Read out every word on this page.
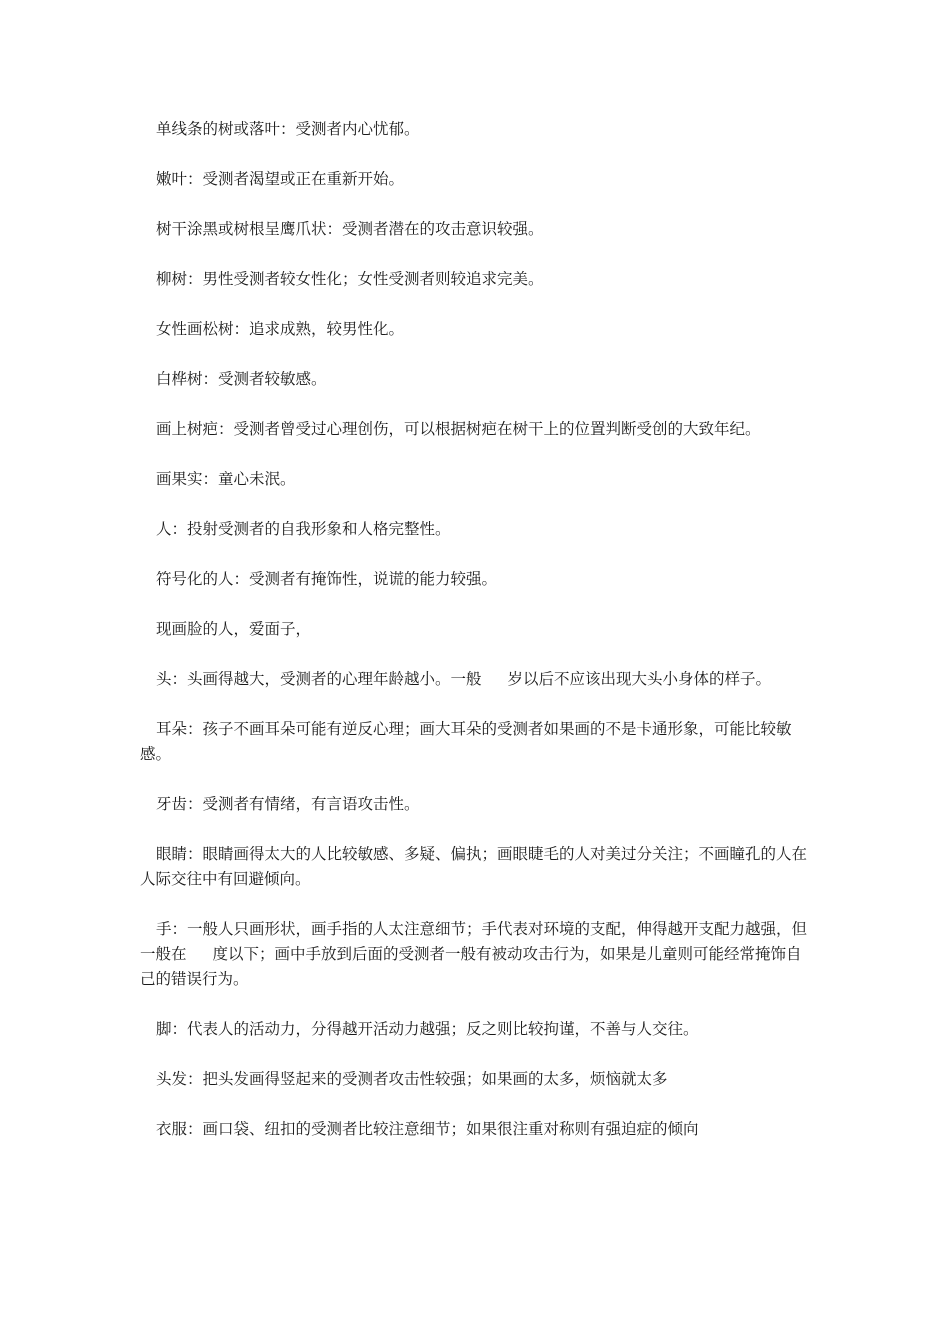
单线条的树或落叶：受测者内心忧郁。

嫩叶：受测者渴望或正在重新开始。

树干涂黑或树根呈鹰爪状：受测者潜在的攻击意识较强。

柳树：男性受测者较女性化；女性受测者则较追求完美。

女性画松树：追求成熟，较男性化。

白桦树：受测者较敏感。

画上树疤：受测者曾受过心理创伤，可以根据树疤在树干上的位置判断受创的大致年纪。

画果实：童心未泯。

人：投射受测者的自我形象和人格完整性。

符号化的人：受测者有掩饰性，说谎的能力较强。

现画脸的人，爱面子，

头：头画得越大，受测者的心理年龄越小。一般 岁以后不应该出现大头小身体的样子。

耳朵：孩子不画耳朵可能有逆反心理；画大耳朵的受测者如果画的不是卡通形象，可能比较敏感。

牙齿：受测者有情绪，有言语攻击性。

眼睛：眼睛画得太大的人比较敏感、多疑、偏执；画眼睫毛的人对美过分关注；不画瞳孔的人在人际交往中有回避倾向。

手：一般人只画形状，画手指的人太注意细节；手代表对环境的支配，伸得越开支配力越强，但一般在 度以下；画中手放到后面的受测者一般有被动攻击行为，如果是儿童则可能经常掩饰自己的错误行为。

脚：代表人的活动力，分得越开活动力越强；反之则比较拘谨，不善与人交往。

头发：把头发画得竖起来的受测者攻击性较强；如果画的太多，烦恼就太多

衣服：画口袋、纽扣的受测者比较注意细节；如果很注重对称则有强迫症的倾向
